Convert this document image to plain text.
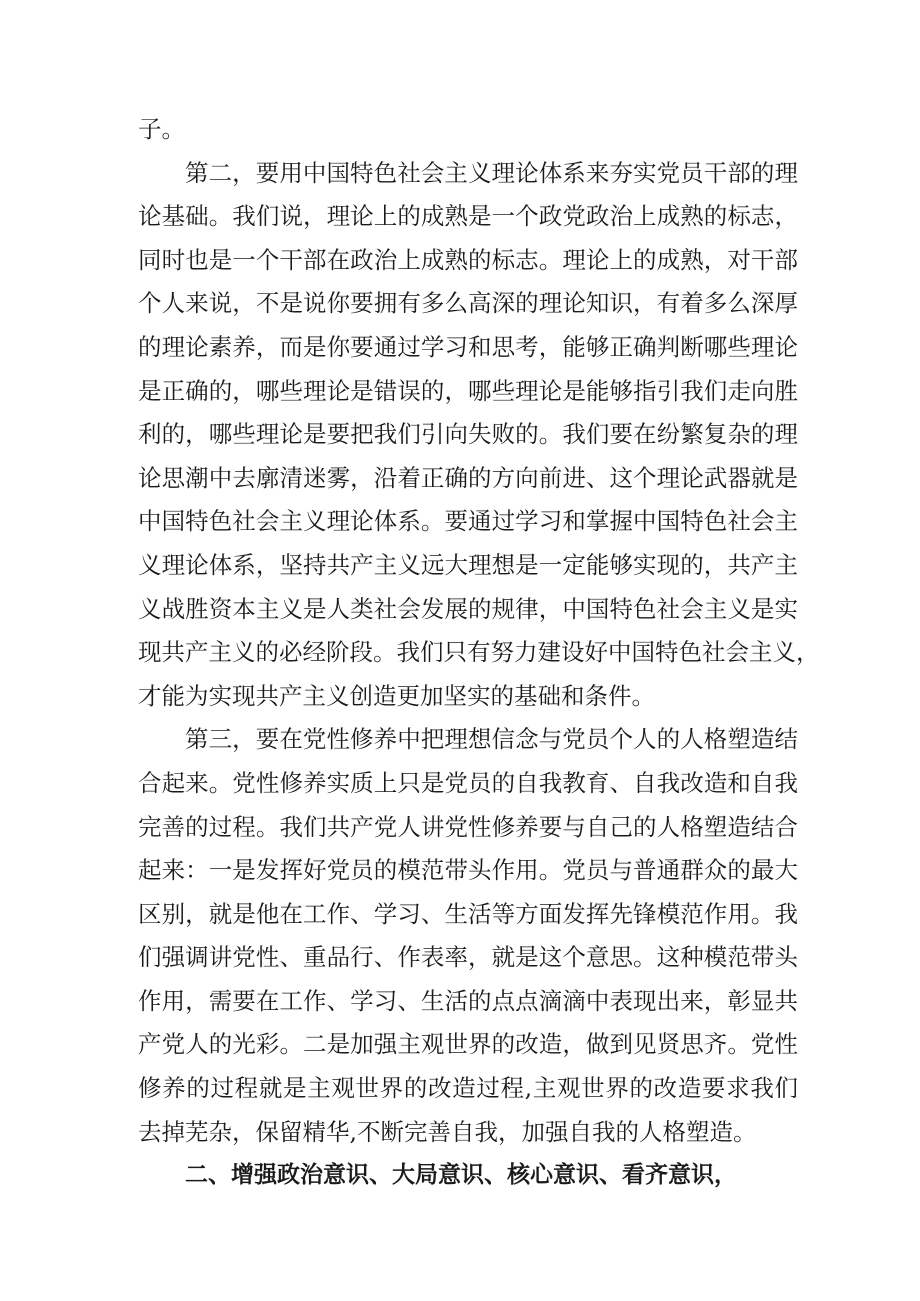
子。
第二，要用中国特色社会主义理论体系来夯实党员干部的理
论基础。我们说，理论上的成熟是一个政党政治上成熟的标志，
同时也是一个干部在政治上成熟的标志。理论上的成熟，对干部
个人来说，不是说你要拥有多么高深的理论知识，有着多么深厚
的理论素养，而是你要通过学习和思考，能够正确判断哪些理论
是正确的，哪些理论是错误的，哪些理论是能够指引我们走向胜
利的，哪些理论是要把我们引向失败的。我们要在纷繁复杂的理
论思潮中去廓清迷雾，沿着正确的方向前进、这个理论武器就是
中国特色社会主义理论体系。要通过学习和掌握中国特色社会主
义理论体系，坚持共产主义远大理想是一定能够实现的，共产主
义战胜资本主义是人类社会发展的规律，中国特色社会主义是实
现共产主义的必经阶段。我们只有努力建设好中国特色社会主义，
才能为实现共产主义创造更加坚实的基础和条件。
第三，要在党性修养中把理想信念与党员个人的人格塑造结
合起来。党性修养实质上只是党员的自我教育、自我改造和自我
完善的过程。我们共产党人讲党性修养要与自己的人格塑造结合
起来：一是发挥好党员的模范带头作用。党员与普通群众的最大
区别，就是他在工作、学习、生活等方面发挥先锋模范作用。我
们强调讲党性、重品行、作表率，就是这个意思。这种模范带头
作用，需要在工作、学习、生活的点点滴滴中表现出来，彰显共
产党人的光彩。二是加强主观世界的改造，做到见贤思齐。党性
修养的过程就是主观世界的改造过程,主观世界的改造要求我们
去掉芜杂，保留精华,不断完善自我，加强自我的人格塑造。
二、增强政治意识、大局意识、核心意识、看齐意识，
